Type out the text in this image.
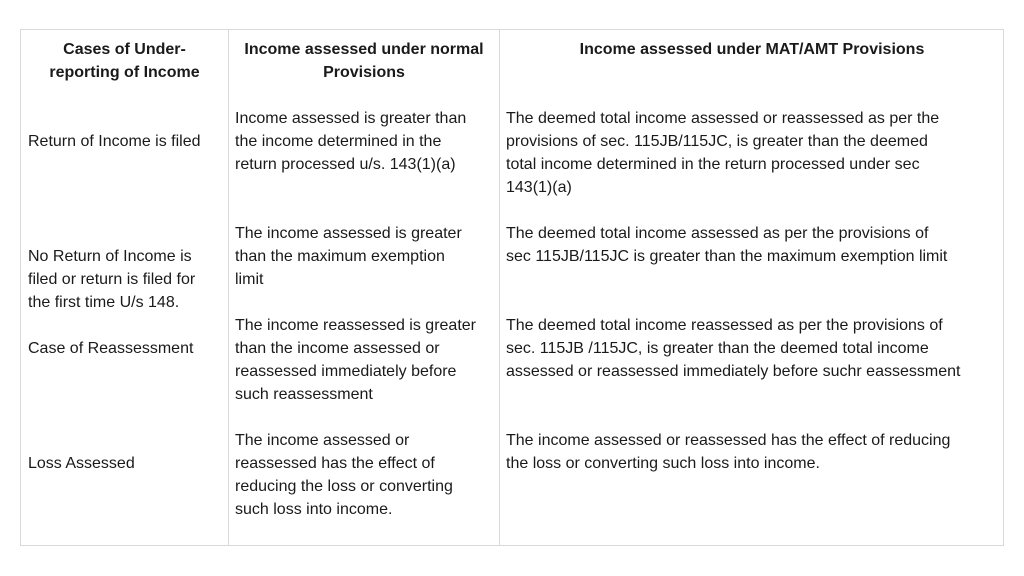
Cases of Under-
reporting of Income
Income assessed under normal
Provisions
Income assessed under MAT/AMT Provisions
Return of Income is filed
Income assessed is greater than
the income determined in the
return processed u/s. 143(1)(a)
The deemed total income assessed or reassessed as per the
provisions of sec. 115JB/115JC, is greater than the deemed
total income determined in the return processed under sec
143(1)(a)
No Return of Income is
filed or return is filed for
the first time U/s 148.
The income assessed is greater
than the maximum exemption
limit
The deemed total income assessed as per the provisions of
sec 115JB/115JC is greater than the maximum exemption limit
Case of Reassessment
The income reassessed is greater
than the income assessed or
reassessed immediately before
such reassessment
The deemed total income reassessed as per the provisions of
sec. 115JB /115JC, is greater than the deemed total income
assessed or reassessed immediately before suchr eassessment
Loss Assessed
The income assessed or
reassessed has the effect of
reducing the loss or converting
such loss into income.
The income assessed or reassessed has the effect of reducing
the loss or converting such loss into income.
